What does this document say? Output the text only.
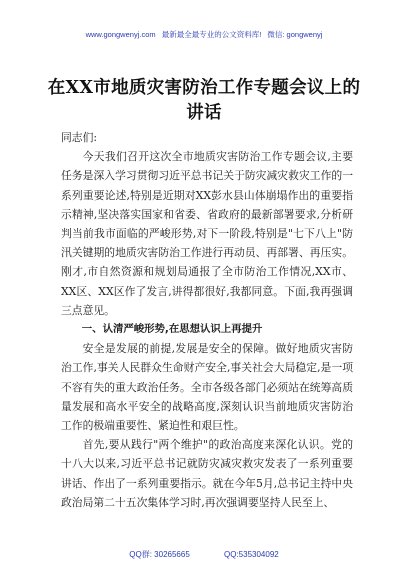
www.gongwenyj.com 最新最全最专业的公文资料库! 微信: gongwenyj
在XX市地质灾害防治工作专题会议上的讲话

同志们:

今天我们召开这次全市地质灾害防治工作专题会议,主要任务是深入学习贯彻习近平总书记关于防灾减灾救灾工作的一系列重要论述,特别是近期对XX彭水县山体崩塌作出的重要指示精神,坚决落实国家和省委、省政府的最新部署要求,分析研判当前我市面临的严峻形势,对下一阶段,特别是"七下八上"防汛关键期的地质灾害防治工作进行再动员、再部署、再压实。刚才,市自然资源和规划局通报了全市防治工作情况,XX市、XX区、XX区作了发言,讲得都很好,我都同意。下面,我再强调三点意见。

一、认清严峻形势,在思想认识上再提升

安全是发展的前提,发展是安全的保障。做好地质灾害防治工作,事关人民群众生命财产安全,事关社会大局稳定,是一项不容有失的重大政治任务。全市各级各部门必须站在统筹高质量发展和高水平安全的战略高度,深刻认识当前地质灾害防治工作的极端重要性、紧迫性和艰巨性。

首先,要从践行"两个维护"的政治高度来深化认识。党的十八大以来,习近平总书记就防灾减灾救灾发表了一系列重要讲话、作出了一系列重要指示。就在今年5月,总书记主持中央政治局第二十五次集体学习时,再次强调要坚持人民至上、

QQ群: 30265665	QQ:535304092
